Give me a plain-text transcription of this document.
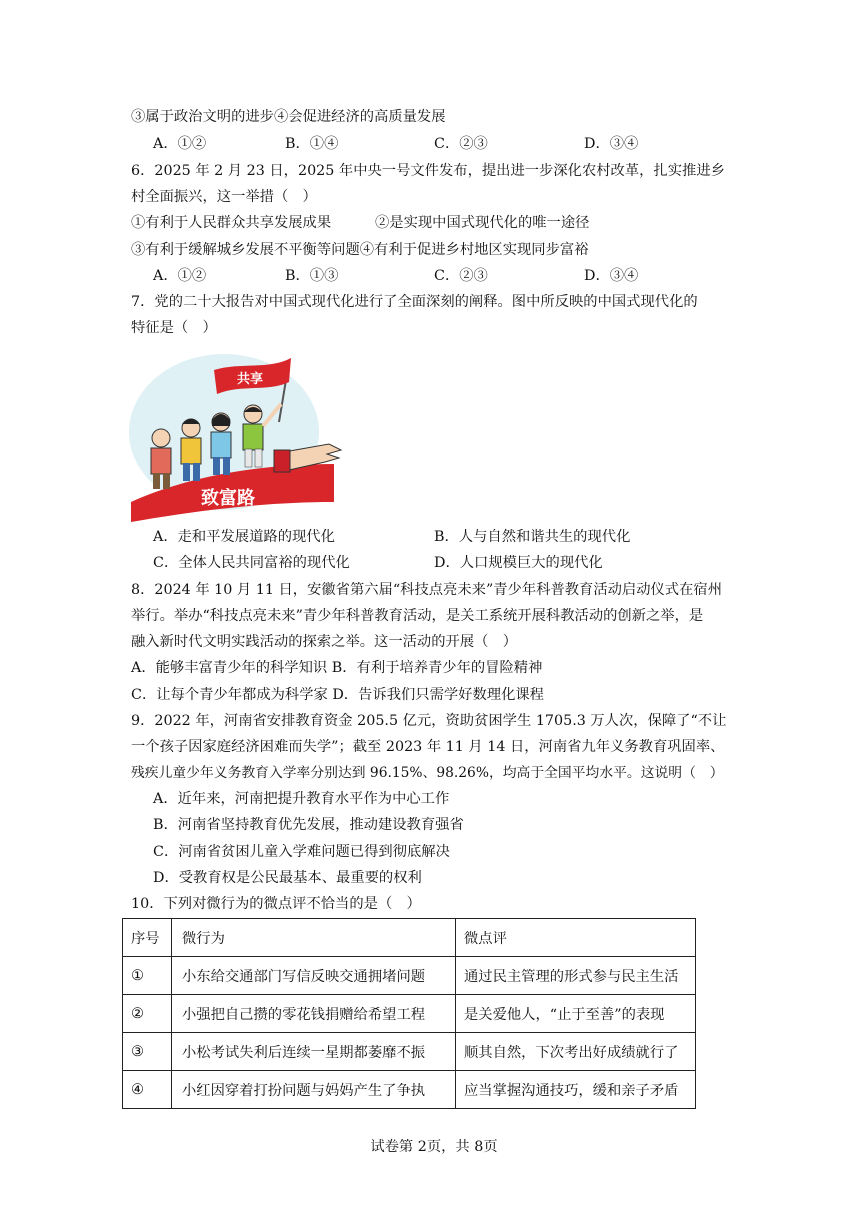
③属于政治文明的进步④会促进经济的高质量发展
A．①②	B．①④	C．②③	D．③④
6．2025 年 2 月 23 日，2025 年中央一号文件发布，提出进一步深化农村改革，扎实推进乡
村全面振兴，这一举措（　）
①有利于人民群众共享发展成果	②是实现中国式现代化的唯一途径
③有利于缓解城乡发展不平衡等问题④有利于促进乡村地区实现同步富裕
A．①②	B．①③	C．②③	D．③④
7．党的二十大报告对中国式现代化进行了全面深刻的阐释。图中所反映的中国式现代化的
特征是（　）
致富路
共享
A．走和平发展道路的现代化	B．人与自然和谐共生的现代化
C．全体人民共同富裕的现代化	D．人口规模巨大的现代化
8．2024 年 10 月 11 日，安徽省第六届“科技点亮未来”青少年科普教育活动启动仪式在宿州
举行。举办“科技点亮未来”青少年科普教育活动，是关工系统开展科教活动的创新之举，是
融入新时代文明实践活动的探索之举。这一活动的开展（　）
A．能够丰富青少年的科学知识 B．有利于培养青少年的冒险精神
C．让每个青少年都成为科学家 D．告诉我们只需学好数理化课程
9．2022 年，河南省安排教育资金 205.5 亿元，资助贫困学生 1705.3 万人次，保障了“不让
一个孩子因家庭经济困难而失学”；截至 2023 年 11 月 14 日，河南省九年义务教育巩固率、
残疾儿童少年义务教育入学率分别达到 96.15%、98.26%，均高于全国平均水平。这说明（　）
A．近年来，河南把提升教育水平作为中心工作
B．河南省坚持教育优先发展，推动建设教育强省
C．河南省贫困儿童入学难问题已得到彻底解决
D．受教育权是公民最基本、最重要的权利
10．下列对微行为的微点评不恰当的是（　）
序号	微行为	微点评
①	小东给交通部门写信反映交通拥堵问题	通过民主管理的形式参与民主生活
②	小强把自己攒的零花钱捐赠给希望工程	是关爱他人，“止于至善”的表现
③	小松考试失利后连续一星期都萎靡不振	顺其自然，下次考出好成绩就行了
④	小红因穿着打扮问题与妈妈产生了争执	应当掌握沟通技巧，缓和亲子矛盾
试卷第 2页，共 8页
